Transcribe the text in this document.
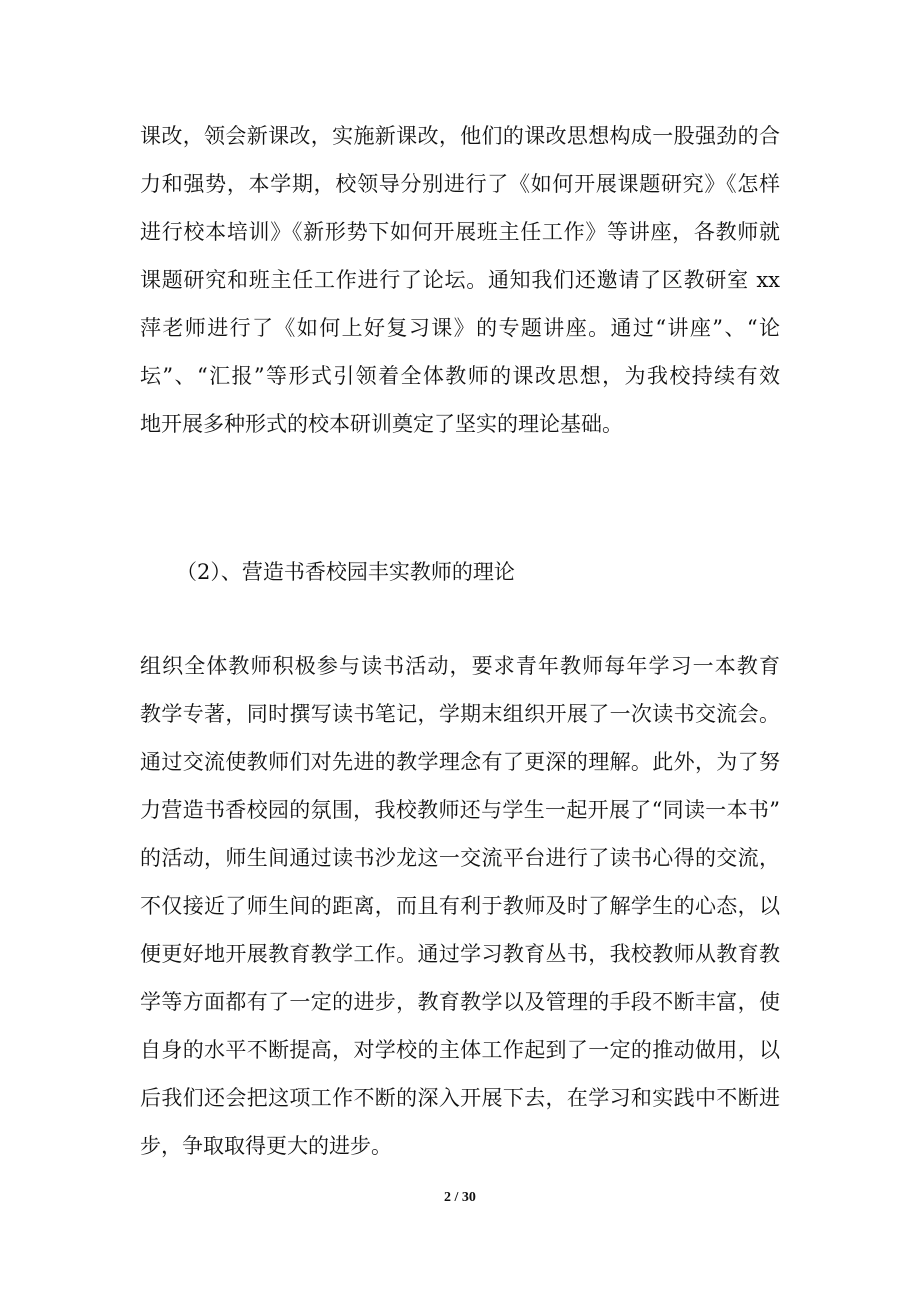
课改，领会新课改，实施新课改，他们的课改思想构成一股强劲的合
力和强势，本学期，校领导分别进行了《如何开展课题研究》《怎样
进行校本培训》《新形势下如何开展班主任工作》等讲座，各教师就
课题研究和班主任工作进行了论坛。通知我们还邀请了区教研室 xx
萍老师进行了《如何上好复习课》的专题讲座。通过“讲座”、“论
坛”、“汇报”等形式引领着全体教师的课改思想，为我校持续有效
地开展多种形式的校本研训奠定了坚实的理论基础。
（2）、营造书香校园丰实教师的理论
组织全体教师积极参与读书活动，要求青年教师每年学习一本教育
教学专著，同时撰写读书笔记，学期末组织开展了一次读书交流会。
通过交流使教师们对先进的教学理念有了更深的理解。此外，为了努
力营造书香校园的氛围，我校教师还与学生一起开展了“同读一本书”
的活动，师生间通过读书沙龙这一交流平台进行了读书心得的交流，
不仅接近了师生间的距离，而且有利于教师及时了解学生的心态，以
便更好地开展教育教学工作。通过学习教育丛书，我校教师从教育教
学等方面都有了一定的进步，教育教学以及管理的手段不断丰富，使
自身的水平不断提高，对学校的主体工作起到了一定的推动做用，以
后我们还会把这项工作不断的深入开展下去，在学习和实践中不断进
步，争取取得更大的进步。
2 / 30
